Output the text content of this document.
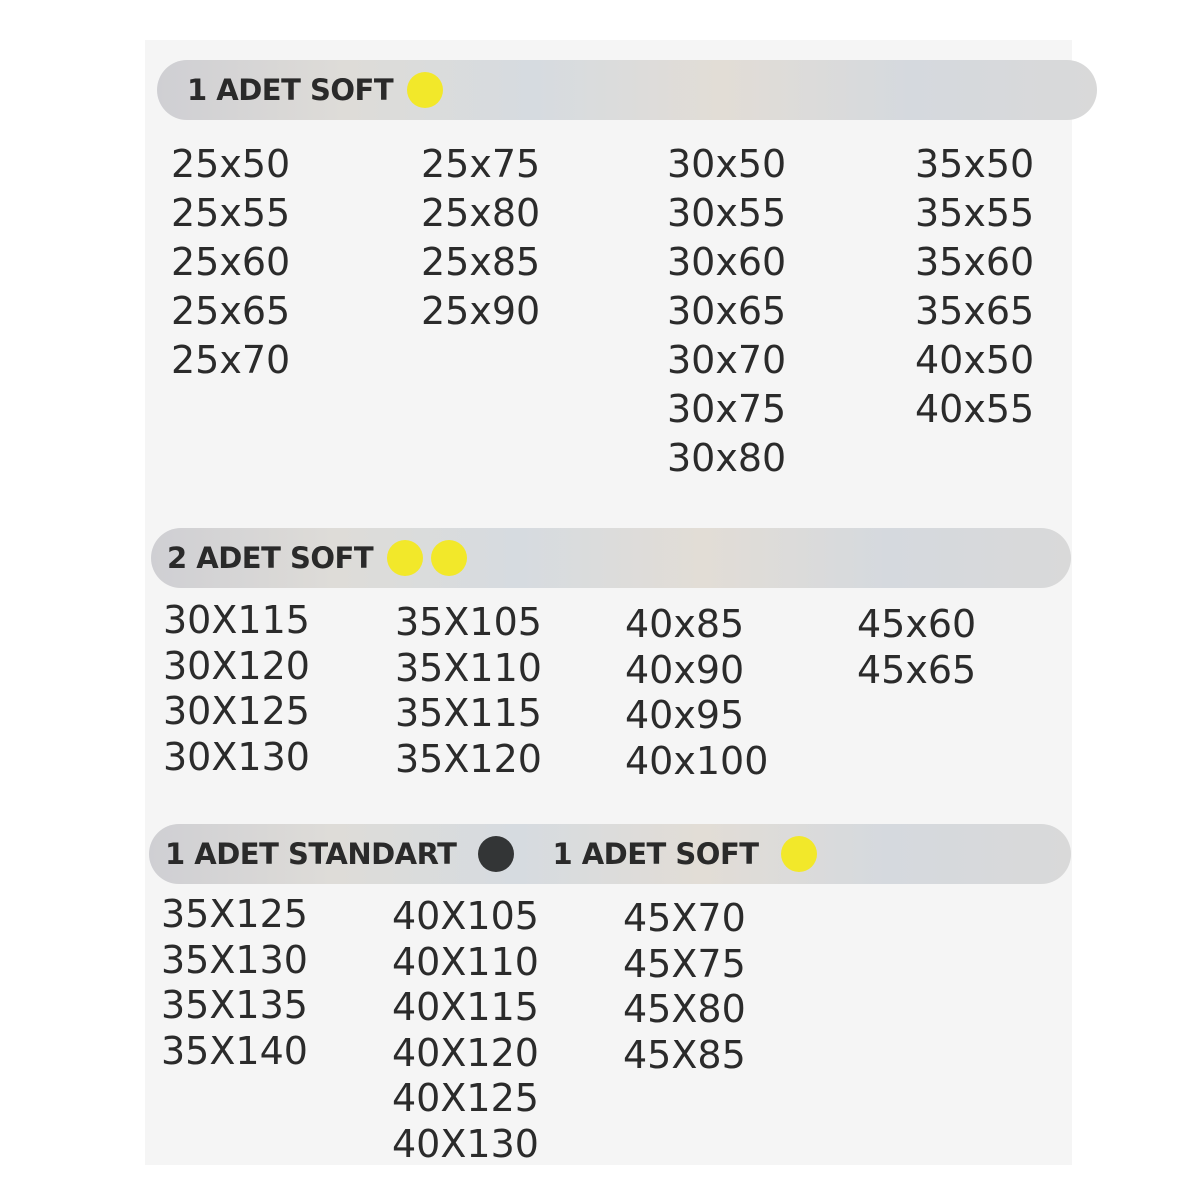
1 ADET SOFT
25x50
25x55
25x60
25x65
25x70
25x75
25x80
25x85
25x90
30x50
30x55
30x60
30x65
30x70
30x75
30x80
35x50
35x55
35x60
35x65
40x50
40x55
2 ADET SOFT
30X115
30X120
30X125
30X130
35X105
35X110
35X115
35X120
40x85
40x90
40x95
40x100
45x60
45x65
1 ADET STANDART	1 ADET SOFT
35X125
35X130
35X135
35X140
40X105
40X110
40X115
40X120
40X125
40X130
45X70
45X75
45X80
45X85
